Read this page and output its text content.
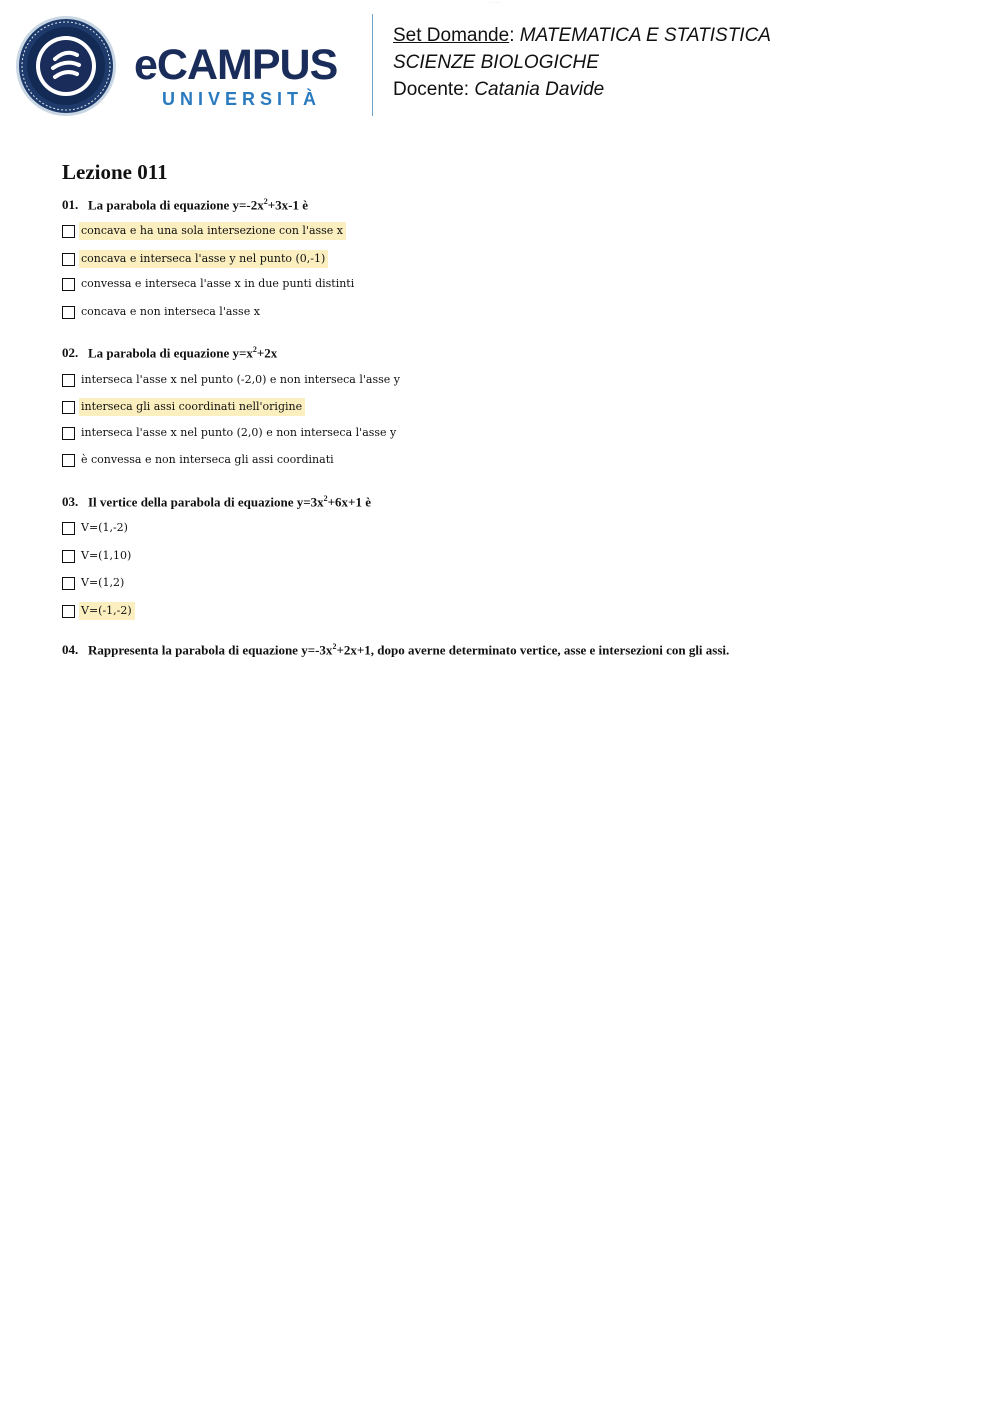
··· ·······
eCAMPUS
UNIVERSITÀ
Set Domande: MATEMATICA E STATISTICA
SCIENZE BIOLOGICHE
Docente: Catania Davide
Lezione 011
01. La parabola di equazione $y=-2x^2+3x-1$ è
concava e ha una sola intersezione con l'asse x
concava e interseca l'asse y nel punto (0,-1)
convessa e interseca l'asse x in due punti distinti
concava e non interseca l'asse x
02. La parabola di equazione $y=x^2+2x$
interseca l'asse x nel punto (-2,0) e non interseca l'asse y
interseca gli assi coordinati nell'origine
interseca l'asse x nel punto (2,0) e non interseca l'asse y
è convessa e non interseca gli assi coordinati
03. Il vertice della parabola di equazione $y=3x^2+6x+1$ è
V=(1,-2)
V=(1,10)
V=(1,2)
V=(-1,-2)
04. Rappresenta la parabola di equazione $y=-3x^2+2x+1$, dopo averne determinato vertice, asse e intersezioni con gli assi.
